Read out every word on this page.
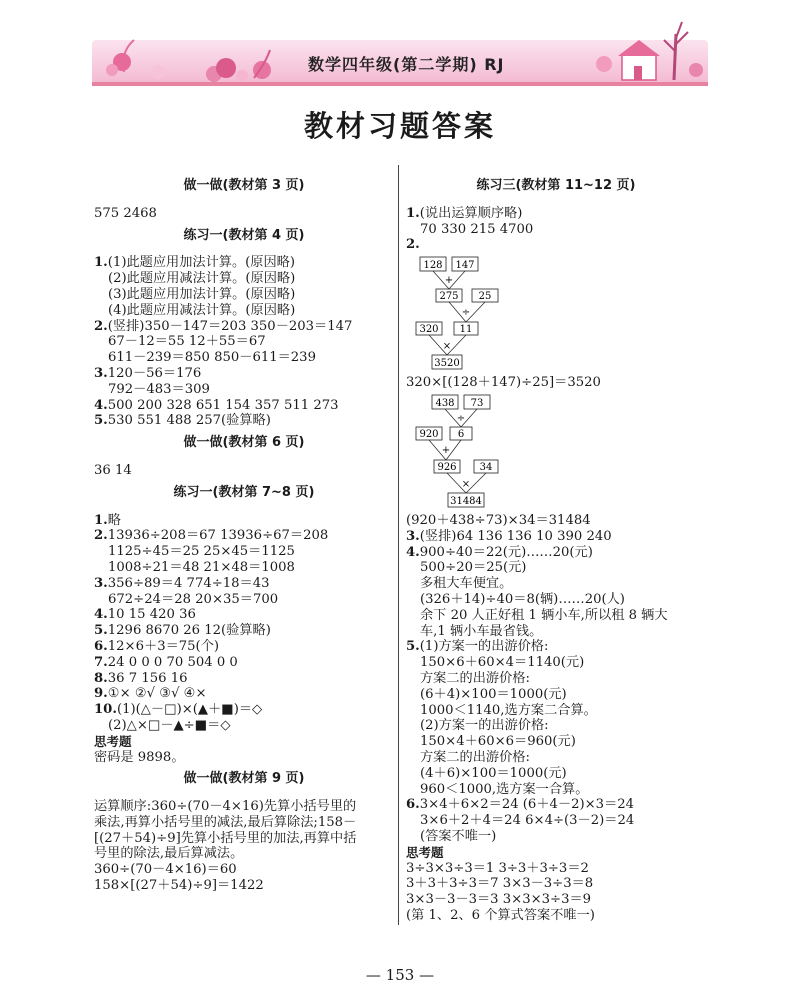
数学四年级(第二学期) RJ
教材习题答案
做一做(教材第 3 页)
575 2468
练习一(教材第 4 页)
1.(1)此题应用加法计算。(原因略)
(2)此题应用减法计算。(原因略)
(3)此题应用加法计算。(原因略)
(4)此题应用减法计算。(原因略)
2.(竖排)350－147＝203 350－203＝147
67－12＝55 12＋55＝67
611－239＝850 850－611＝239
3.120－56＝176
792－483＝309
4.500 200 328 651 154 357 511 273
5.530 551 488 257(验算略)
做一做(教材第 6 页)
36 14
练习一(教材第 7~8 页)
1.略
2.13936÷208＝67 13936÷67＝208
1125÷45＝25 25×45＝1125
1008÷21＝48 21×48＝1008
3.356÷89＝4 774÷18＝43
672÷24＝28 20×35＝700
4.10 15 420 36
5.1296 8670 26 12(验算略)
6.12×6＋3＝75(个)
7.24 0 0 0 70 504 0 0
8.36 7 156 16
9.①× ②√ ③√ ④×
10.(1)(△－□)×(▲＋■)＝◇
(2)△×□－▲÷■＝◇
思考题
密码是 9898。
做一做(教材第 9 页)
运算顺序:360÷(70－4×16)先算小括号里的
乘法,再算小括号里的减法,最后算除法;158－
[(27＋54)÷9]先算小括号里的加法,再算中括
号里的除法,最后算减法。
360÷(70－4×16)＝60
158×[(27＋54)÷9]＝1422
练习三(教材第 11~12 页)
1.(说出运算顺序略)
70 330 215 4700
2.
128 147
+
275 25
÷
320 11
×
3520
320×[(128＋147)÷25]＝3520
438 73
÷
920 6
+
926 34
×
31484
(920＋438÷73)×34＝31484
3.(竖排)64 136 136 10 390 240
4.900÷40＝22(元)……20(元)
500÷20＝25(元)
多租大车便宜。
(326＋14)÷40＝8(辆)……20(人)
余下 20 人正好租 1 辆小车,所以租 8 辆大
车,1 辆小车最省钱。
5.(1)方案一的出游价格:
150×6＋60×4＝1140(元)
方案二的出游价格:
(6＋4)×100＝1000(元)
1000＜1140,选方案二合算。
(2)方案一的出游价格:
150×4＋60×6＝960(元)
方案二的出游价格:
(4＋6)×100＝1000(元)
960＜1000,选方案一合算。
6.3×4＋6×2＝24 (6＋4－2)×3＝24
3×6＋2＋4＝24 6×4÷(3－2)＝24
(答案不唯一)
思考题
3÷3×3÷3＝1 3÷3＋3÷3＝2
3＋3＋3÷3＝7 3×3－3÷3＝8
3×3－3－3＝3 3×3×3÷3＝9
(第 1、2、6 个算式答案不唯一)
— 153 —
